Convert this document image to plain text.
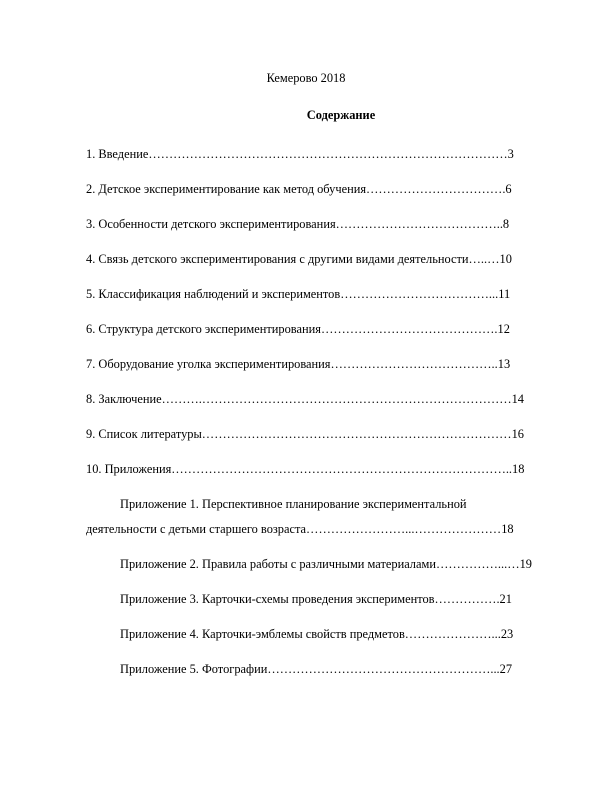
Кемерово 2018
Содержание
1. Введение……………………………………………………………………………3
2. Детское экспериментирование как метод обучения…………………………….6
3. Особенности детского экспериментирования…………………………………..8
4. Связь детского экспериментирования с другими видами деятельности…..…10
5. Классификация наблюдений и экспериментов………………………………...11
6. Структура детского экспериментирования…………………………………….12
7. Оборудование уголка экспериментирования…………………………………..13
8. Заключение……….…………………………………………………………………14
9. Список литературы…………………………………………………………………16
10. Приложения………………………………………………………………………..18
Приложение 1. Перспективное планирование экспериментальной
деятельности с детьми старшего возраста……………………...…………………18
Приложение 2. Правила работы с различными материалами……………...…19
Приложение 3. Карточки-схемы проведения экспериментов…………….21
Приложение 4. Карточки-эмблемы свойств предметов…………………...23
Приложение 5. Фотографии………………………………………………...27
